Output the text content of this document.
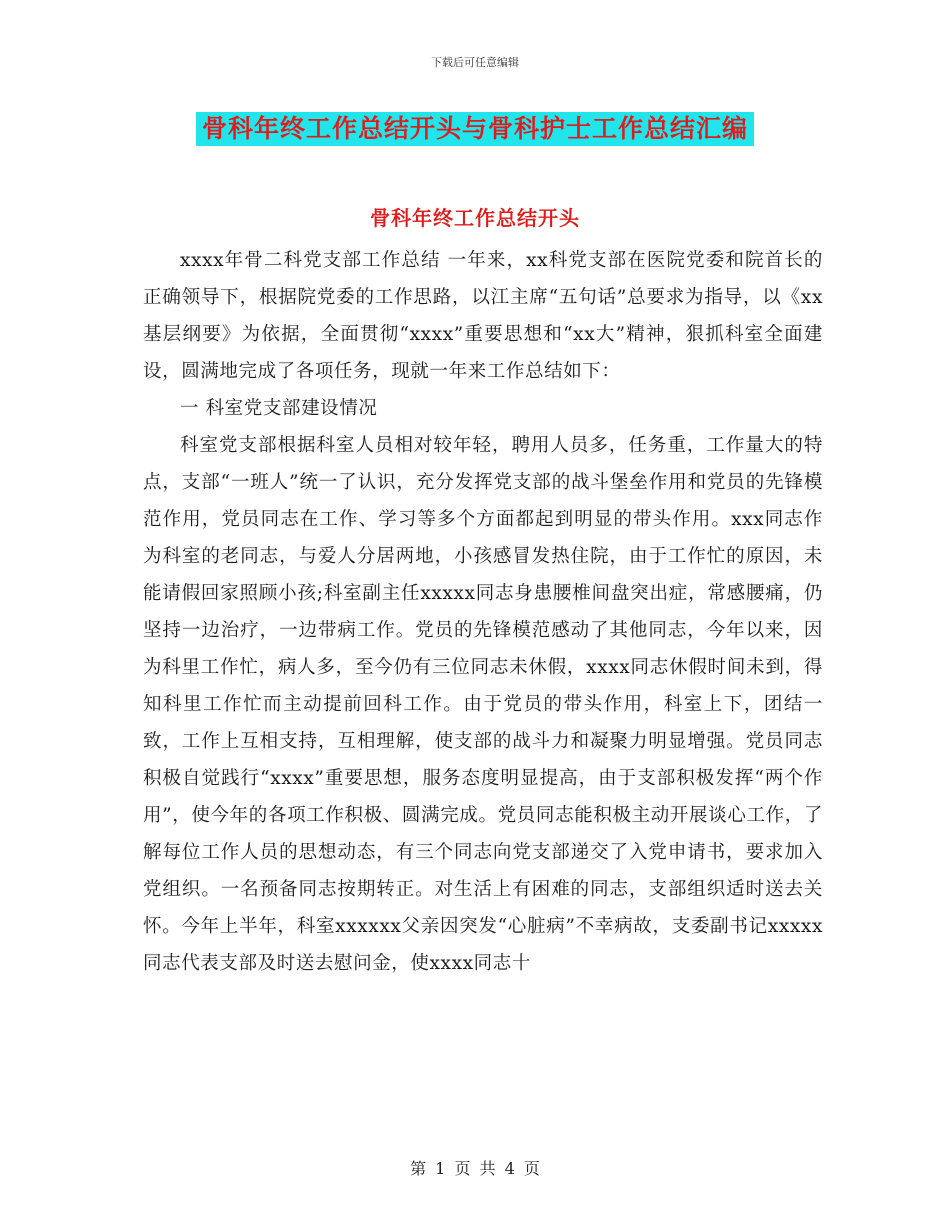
下载后可任意编辑
骨科年终工作总结开头与骨科护士工作总结汇编
骨科年终工作总结开头

xxxx年骨二科党支部工作总结 一年来，xx科党支部在医院党委和院首长的正确领导下，根据院党委的工作思路，以江主席“五句话”总要求为指导，以《xx基层纲要》为依据，全面贯彻“xxxx”重要思想和“xx大”精神，狠抓科室全面建设，圆满地完成了各项任务，现就一年来工作总结如下：

一 科室党支部建设情况

科室党支部根据科室人员相对较年轻，聘用人员多，任务重，工作量大的特点，支部“一班人”统一了认识，充分发挥党支部的战斗堡垒作用和党员的先锋模范作用，党员同志在工作、学习等多个方面都起到明显的带头作用。xxx同志作为科室的老同志，与爱人分居两地，小孩感冒发热住院，由于工作忙的原因，未能请假回家照顾小孩;科室副主任xxxxx同志身患腰椎间盘突出症，常感腰痛，仍坚持一边治疗，一边带病工作。党员的先锋模范感动了其他同志，今年以来，因为科里工作忙，病人多，至今仍有三位同志未休假，xxxx同志休假时间未到，得知科里工作忙而主动提前回科工作。由于党员的带头作用，科室上下，团结一致，工作上互相支持，互相理解，使支部的战斗力和凝聚力明显增强。党员同志积极自觉践行“xxxx”重要思想，服务态度明显提高，由于支部积极发挥“两个作用”，使今年的各项工作积极、圆满完成。党员同志能积极主动开展谈心工作，了解每位工作人员的思想动态，有三个同志向党支部递交了入党申请书，要求加入党组织。一名预备同志按期转正。对生活上有困难的同志，支部组织适时送去关怀。今年上半年，科室xxxxxx父亲因突发“心脏病”不幸病故，支委副书记xxxxx同志代表支部及时送去慰问金，使xxxx同志十

第 1 页 共 4 页
